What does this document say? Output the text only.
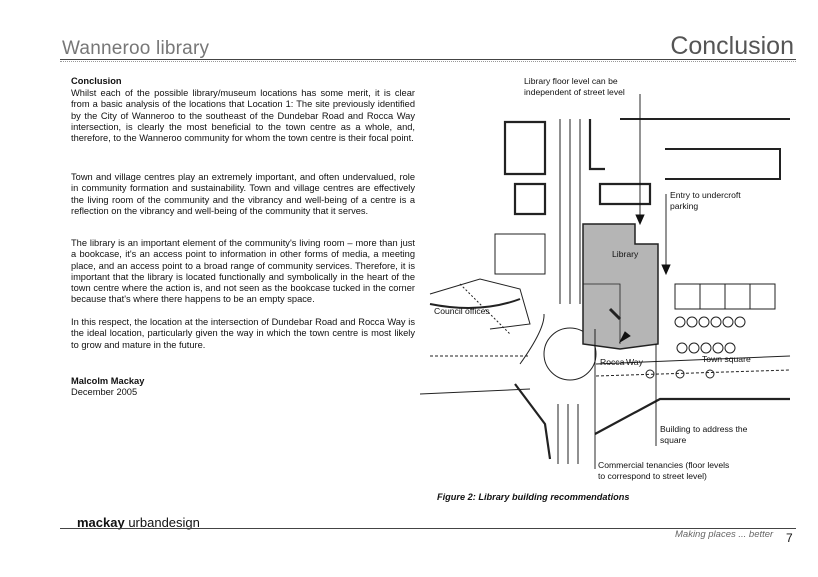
Wanneroo library	Conclusion
Conclusion
Whilst each of the possible library/museum locations has some merit, it is clear from a basic analysis of the locations that Location 1: The site previously identified by the City of Wanneroo to the southeast of the Dundebar Road and Rocca Way intersection, is clearly the most beneficial to the town centre as a whole, and, therefore, to the Wanneroo community for whom the town centre is their focal point.
Town and village centres play an extremely important, and often undervalued, role in community formation and sustainability. Town and village centres are effectively the living room of the community and the vibrancy and well-being of a centre is a reflection on the vibrancy and well-being of the community that it serves.
The library is an important element of the community's living room – more than just a bookcase, it's an access point to information in other forms of media, a meeting place, and an access point to a broad range of community services. Therefore, it is important that the library is located functionally and symbolically in the heart of the town centre where the action is, and not seen as the bookcase tucked in the corner because that's where there happens to be an empty space.
In this respect, the location at the intersection of Dundebar Road and Rocca Way is the ideal location, particularly given the way in which the town centre is most likely to grow and mature in the future.
Malcolm Mackay
December 2005
Library floor level can be
independent of street level
Entry to undercroft
parking
Library
Council offices
Town square
Rocca Way
Building to address the
square
Commercial tenancies (floor levels
to correspond to street level)
Figure 2: Library building recommendations
mackay urbandesign
Making places ... better 7
